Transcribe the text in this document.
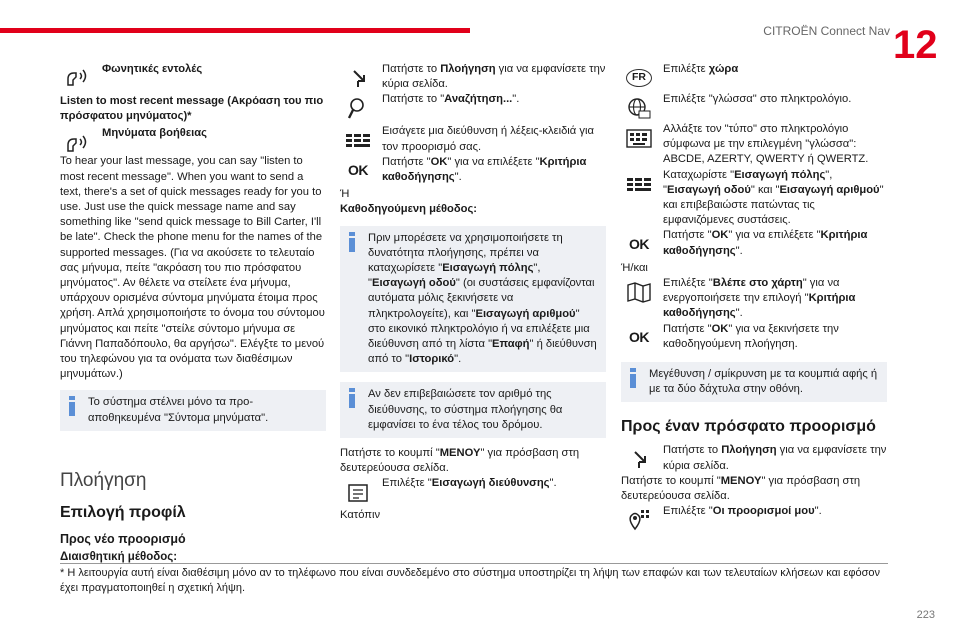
CITROËN Connect Nav 12
Φωνητικές εντολές
Listen to most recent message (Ακρόαση του πιο πρόσφατου μηνύματος)*
Μηνύματα βοήθειας
To hear your last message, you can say "listen to most recent message". When you want to send a text, there's a set of quick messages ready for you to use. Just use the quick message name and say something like "send quick message to Bill Carter, I'll be late". Check the phone menu for the names of the supported messages. (Για να ακούσετε το τελευταίο σας μήνυμα, πείτε "ακρόαση του πιο πρόσφατου μηνύματος". Αν θέλετε να στείλετε ένα μήνυμα, υπάρχουν ορισμένα σύντομα μηνύματα έτοιμα προς χρήση. Απλά χρησιμοποιήστε το όνομα του σύντομου μηνύματος και πείτε "στείλε σύντομο μήνυμα σε Γιάννη Παπαδόπουλο, θα αργήσω". Ελέγξτε το μενού του τηλεφώνου για τα ονόματα των διαθέσιμων μηνυμάτων.)
Το σύστημα στέλνει μόνο τα προ-αποθηκευμένα "Σύντομα μηνύματα".
Πλοήγηση
Επιλογή προφίλ
Προς νέο προορισμό
Διαισθητική μέθοδος:
Πατήστε το Πλοήγηση για να εμφανίσετε την κύρια σελίδα.
Πατήστε το "Αναζήτηση...".
Εισάγετε μια διεύθυνση ή λέξεις-κλειδιά για τον προορισμό σας.
OK
Πατήστε "OK" για να επιλέξετε "Κριτήρια καθοδήγησης".
Ή
Καθοδηγούμενη μέθοδος:
Πριν μπορέσετε να χρησιμοποιήσετε τη δυνατότητα πλοήγησης, πρέπει να καταχωρίσετε "Εισαγωγή πόλης", "Εισαγωγή οδού" (οι συστάσεις εμφανίζονται αυτόματα μόλις ξεκινήσετε να πληκτρολογείτε), και "Εισαγωγή αριθμού" στο εικονικό πληκτρολόγιο ή να επιλέξετε μια διεύθυνση από τη λίστα "Επαφή" ή διεύθυνση από το "Ιστορικό".
Αν δεν επιβεβαιώσετε τον αριθμό της διεύθυνσης, το σύστημα πλοήγησης θα εμφανίσει το ένα τέλος του δρόμου.
Πατήστε το κουμπί "ΜΕΝΟΥ" για πρόσβαση στη δευτερεύουσα σελίδα.
Επιλέξτε "Εισαγωγή διεύθυνσης".
Κατόπιν
FR
Επιλέξτε χώρα
Επιλέξτε "γλώσσα" στο πληκτρολόγιο.
Αλλάξτε τον "τύπο" στο πληκτρολόγιο σύμφωνα με την επιλεγμένη "γλώσσα": ABCDE, AZERTY, QWERTY ή QWERTZ.
Καταχωρίστε "Εισαγωγή πόλης", "Εισαγωγή οδού" και "Εισαγωγή αριθμού" και επιβεβαιώστε πατώντας τις εμφανιζόμενες συστάσεις.
OK
Πατήστε "OK" για να επιλέξετε "Κριτήρια καθοδήγησης".
Ή/και
Επιλέξτε "Βλέπε στο χάρτη" για να ενεργοποιήσετε την επιλογή "Κριτήρια καθοδήγησης".
OK
Πατήστε "OK" για να ξεκινήσετε την καθοδηγούμενη πλοήγηση.
Μεγέθυνση / σμίκρυνση με τα κουμπιά αφής ή με τα δύο δάχτυλα στην οθόνη.
Προς έναν πρόσφατο προορισμό
Πατήστε το Πλοήγηση για να εμφανίσετε την κύρια σελίδα.
Πατήστε το κουμπί "ΜΕΝΟΥ" για πρόσβαση στη δευτερεύουσα σελίδα.
Επιλέξτε "Οι προορισμοί μου".
* Η λειτουργία αυτή είναι διαθέσιμη μόνο αν το τηλέφωνο που είναι συνδεδεμένο στο σύστημα υποστηρίζει τη λήψη των επαφών και των τελευταίων κλήσεων και εφόσον έχει πραγματοποιηθεί η σχετική λήψη.
223
